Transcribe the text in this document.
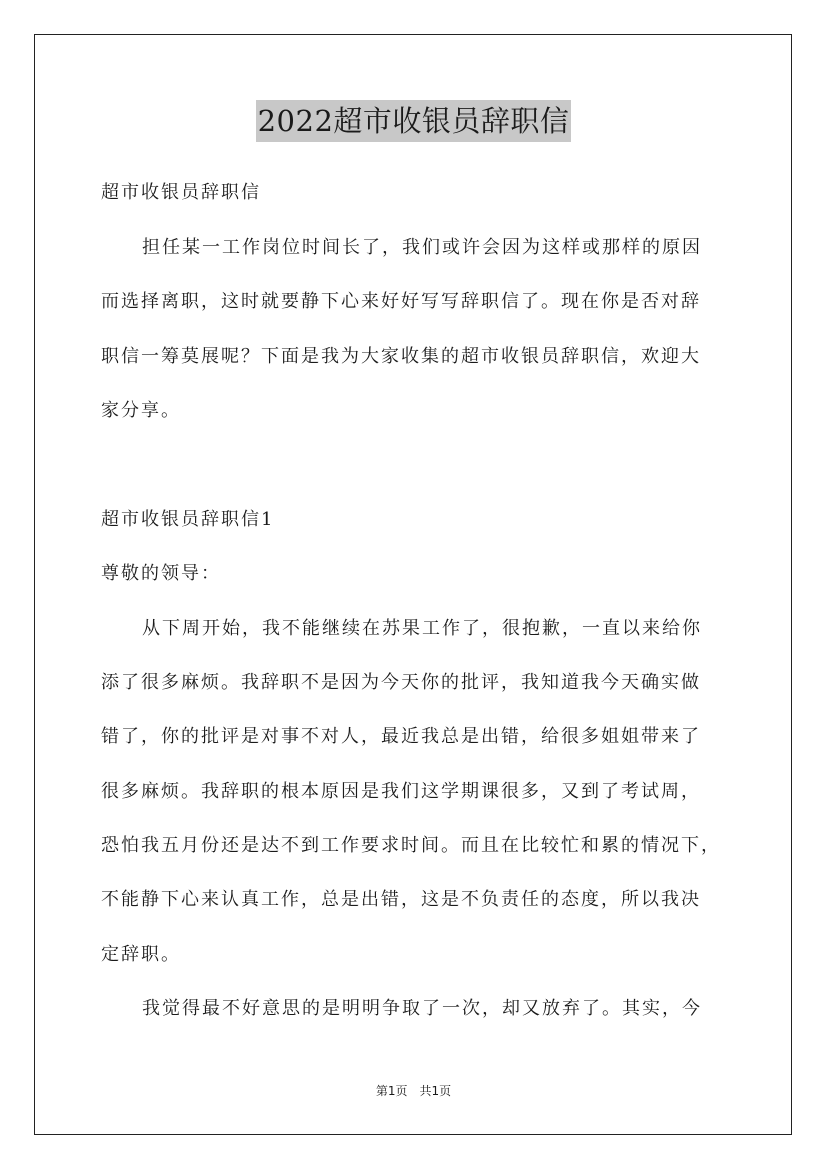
2022超市收银员辞职信
超市收银员辞职信
担任某一工作岗位时间长了，我们或许会因为这样或那样的原因
而选择离职，这时就要静下心来好好写写辞职信了。现在你是否对辞
职信一筹莫展呢？下面是我为大家收集的超市收银员辞职信，欢迎大
家分享。
超市收银员辞职信1
尊敬的领导：
从下周开始，我不能继续在苏果工作了，很抱歉，一直以来给你
添了很多麻烦。我辞职不是因为今天你的批评，我知道我今天确实做
错了，你的批评是对事不对人，最近我总是出错，给很多姐姐带来了
很多麻烦。我辞职的根本原因是我们这学期课很多，又到了考试周，
恐怕我五月份还是达不到工作要求时间。而且在比较忙和累的情况下，
不能静下心来认真工作，总是出错，这是不负责任的态度，所以我决
定辞职。
我觉得最不好意思的是明明争取了一次，却又放弃了。其实，今
第1页　共1页
